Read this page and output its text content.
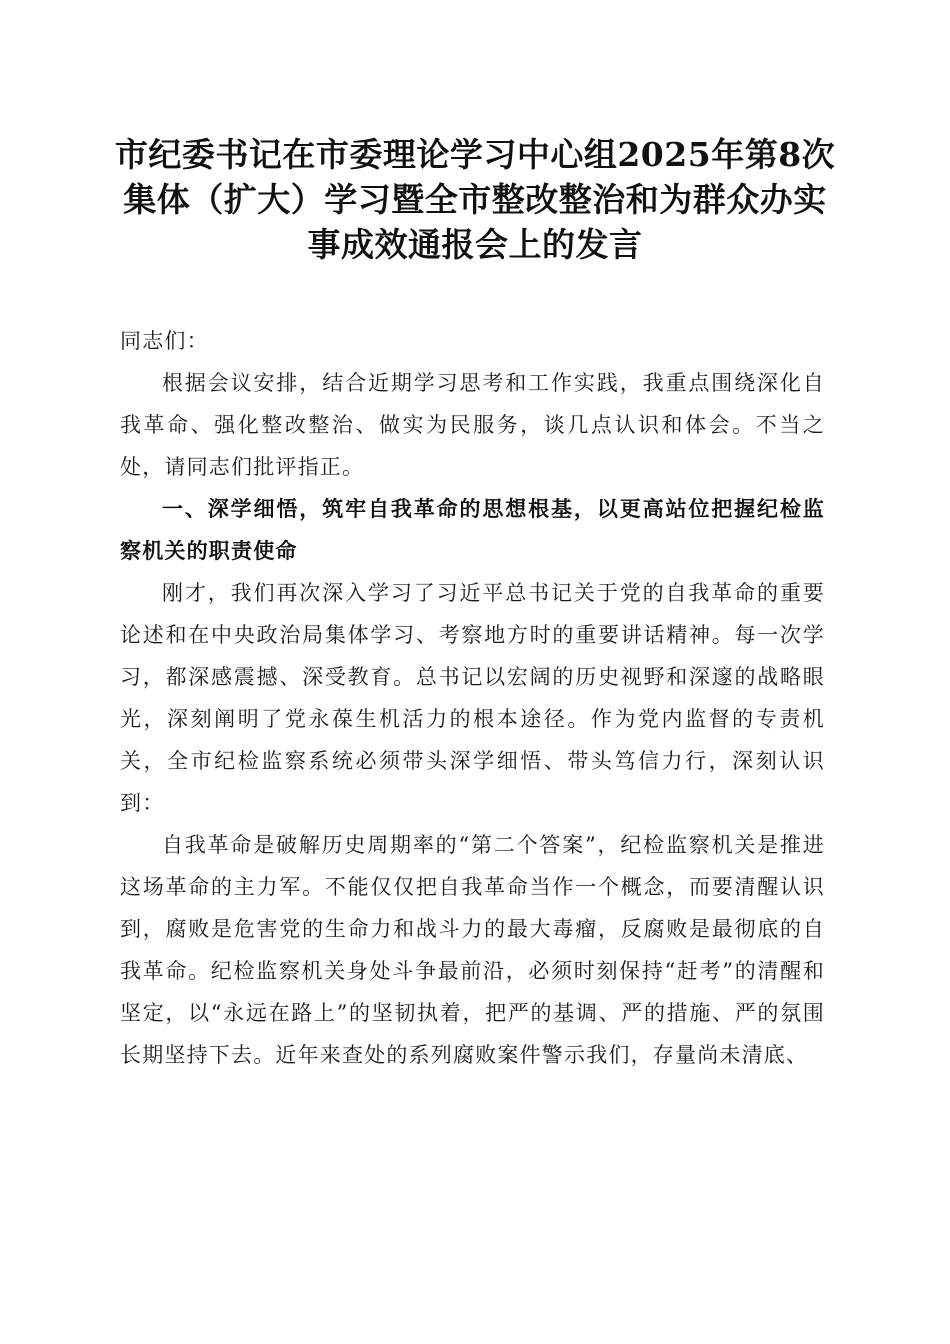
市纪委书记在市委理论学习中心组2025年第8次集体（扩大）学习暨全市整改整治和为群众办实事成效通报会上的发言

同志们：

根据会议安排，结合近期学习思考和工作实践，我重点围绕深化自我革命、强化整改整治、做实为民服务，谈几点认识和体会。不当之处，请同志们批评指正。

一、深学细悟，筑牢自我革命的思想根基，以更高站位把握纪检监察机关的职责使命

刚才，我们再次深入学习了习近平总书记关于党的自我革命的重要论述和在中央政治局集体学习、考察地方时的重要讲话精神。每一次学习，都深感震撼、深受教育。总书记以宏阔的历史视野和深邃的战略眼光，深刻阐明了党永葆生机活力的根本途径。作为党内监督的专责机关，全市纪检监察系统必须带头深学细悟、带头笃信力行，深刻认识到：

自我革命是破解历史周期率的“第二个答案”，纪检监察机关是推进这场革命的主力军。不能仅仅把自我革命当作一个概念，而要清醒认识到，腐败是危害党的生命力和战斗力的最大毒瘤，反腐败是最彻底的自我革命。纪检监察机关身处斗争最前沿，必须时刻保持“赶考”的清醒和坚定，以“永远在路上”的坚韧执着，把严的基调、严的措施、严的氛围长期坚持下去。近年来查处的系列腐败案件警示我们，存量尚未清底、
